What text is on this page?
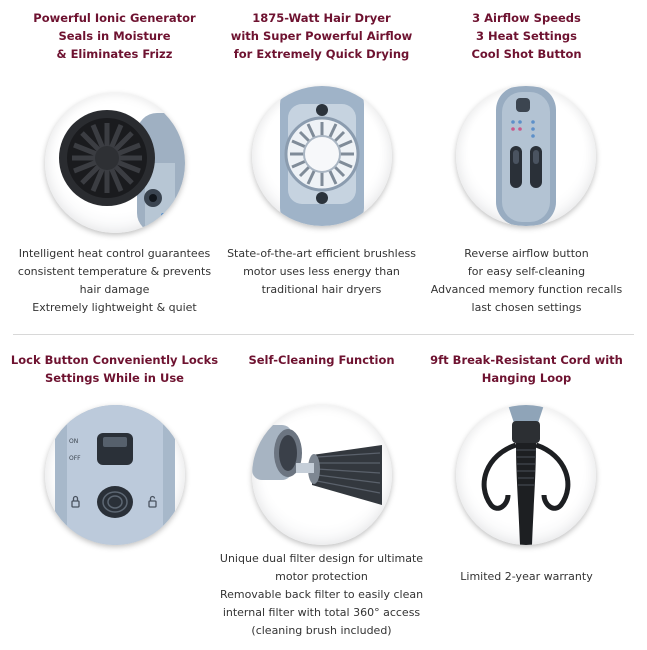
Powerful Ionic Generator
Seals in Moisture
& Eliminates Frizz
Intelligent heat control guarantees
consistent temperature & prevents
hair damage
Extremely lightweight & quiet
1875-Watt Hair Dryer
with Super Powerful Airflow
for Extremely Quick Drying
State-of-the-art efficient brushless
motor uses less energy than
traditional hair dryers
3 Airflow Speeds
3 Heat Settings
Cool Shot Button
Reverse airflow button
for easy self-cleaning
Advanced memory function recalls
last chosen settings
Lock Button Conveniently Locks
Settings While in Use
ON
OFF
Self-Cleaning Function
Unique dual filter design for ultimate
motor protection
Removable back filter to easily clean
internal filter with total 360° access
(cleaning brush included)
9ft Break-Resistant Cord with
Hanging Loop
Limited 2-year warranty
